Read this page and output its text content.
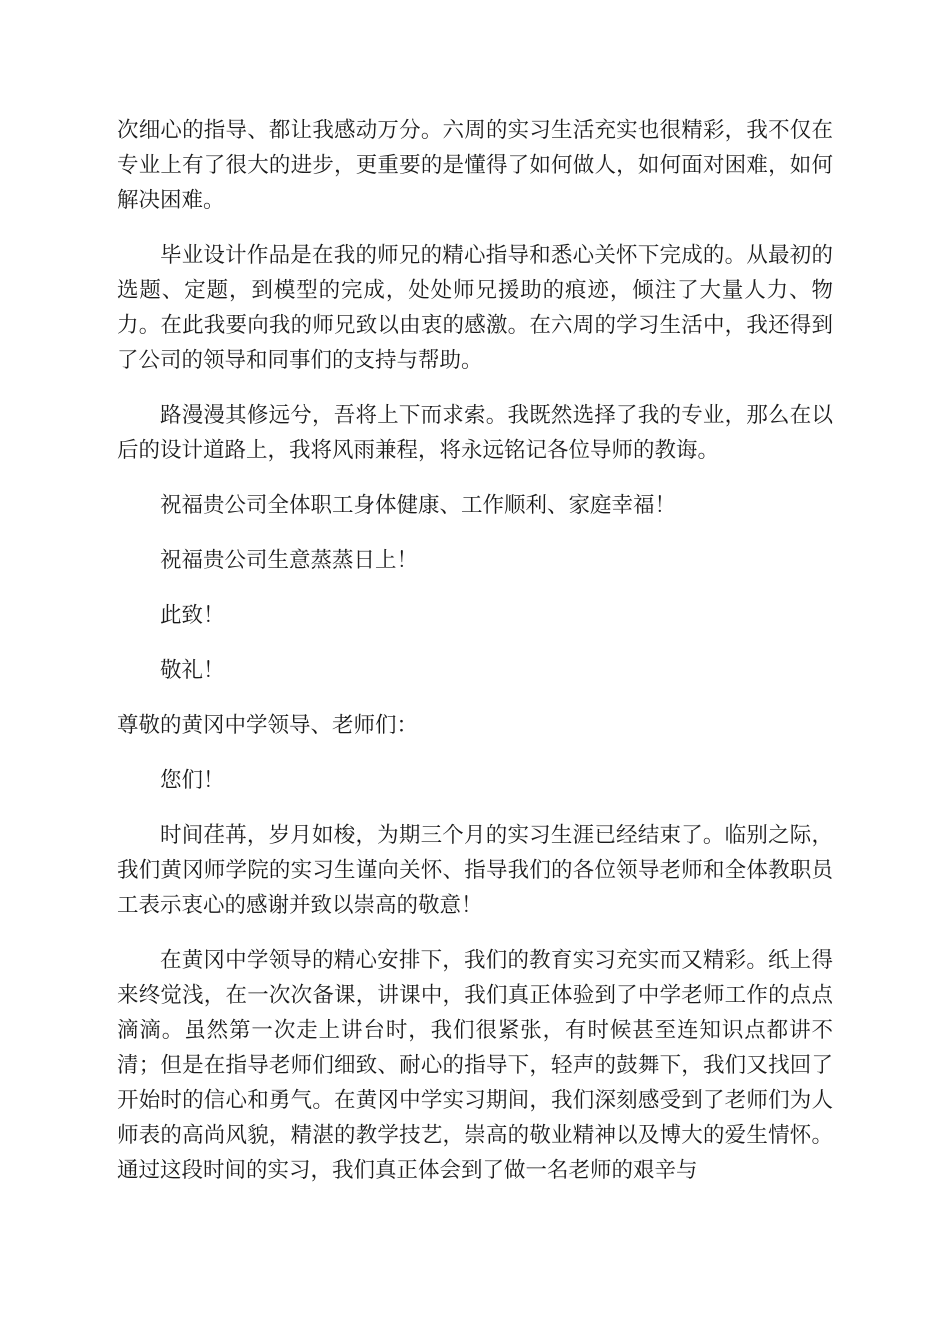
次细心的指导、都让我感动万分。六周的实习生活充实也很精彩，我不仅在专业上有了很大的进步，更重要的是懂得了如何做人，如何面对困难，如何解决困难。

毕业设计作品是在我的师兄的精心指导和悉心关怀下完成的。从最初的选题、定题，到模型的完成，处处师兄援助的痕迹，倾注了大量人力、物力。在此我要向我的师兄致以由衷的感激。在六周的学习生活中，我还得到了公司的领导和同事们的支持与帮助。

路漫漫其修远兮，吾将上下而求索。我既然选择了我的专业，那么在以后的设计道路上，我将风雨兼程，将永远铭记各位导师的教诲。

祝福贵公司全体职工身体健康、工作顺利、家庭幸福！

祝福贵公司生意蒸蒸日上！

此致！

敬礼！

尊敬的黄冈中学领导、老师们：

您们！

时间荏苒，岁月如梭，为期三个月的实习生涯已经结束了。临别之际，我们黄冈师学院的实习生谨向关怀、指导我们的各位领导老师和全体教职员工表示衷心的感谢并致以崇高的敬意！

在黄冈中学领导的精心安排下，我们的教育实习充实而又精彩。纸上得来终觉浅，在一次次备课，讲课中，我们真正体验到了中学老师工作的点点滴滴。虽然第一次走上讲台时，我们很紧张，有时候甚至连知识点都讲不清；但是在指导老师们细致、耐心的指导下，轻声的鼓舞下，我们又找回了开始时的信心和勇气。在黄冈中学实习期间，我们深刻感受到了老师们为人师表的高尚风貌，精湛的教学技艺，崇高的敬业精神以及博大的爱生情怀。通过这段时间的实习，我们真正体会到了做一名老师的艰辛与
